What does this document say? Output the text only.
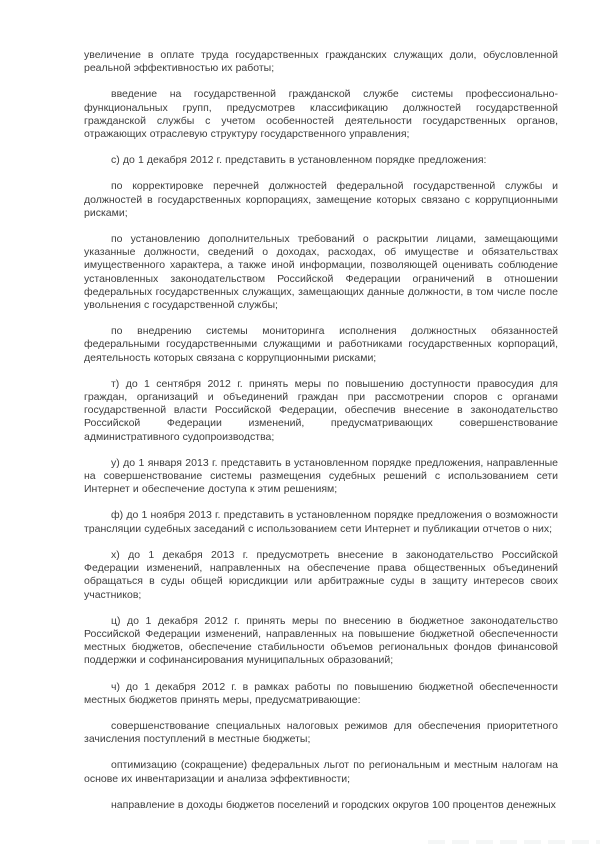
увеличение в оплате труда государственных гражданских служащих доли, обусловленной реальной эффективностью их работы;

введение на государственной гражданской службе системы профессионально-функциональных групп, предусмотрев классификацию должностей государственной гражданской службы с учетом особенностей деятельности государственных органов, отражающих отраслевую структуру государственного управления;

с) до 1 декабря 2012 г. представить в установленном порядке предложения:

по корректировке перечней должностей федеральной государственной службы и должностей в государственных корпорациях, замещение которых связано с коррупционными рисками;

по установлению дополнительных требований о раскрытии лицами, замещающими указанные должности, сведений о доходах, расходах, об имуществе и обязательствах имущественного характера, а также иной информации, позволяющей оценивать соблюдение установленных законодательством Российской Федерации ограничений в отношении федеральных государственных служащих, замещающих данные должности, в том числе после увольнения с государственной службы;

по внедрению системы мониторинга исполнения должностных обязанностей федеральными государственными служащими и работниками государственных корпораций, деятельность которых связана с коррупционными рисками;

т) до 1 сентября 2012 г. принять меры по повышению доступности правосудия для граждан, организаций и объединений граждан при рассмотрении споров с органами государственной власти Российской Федерации, обеспечив внесение в законодательство Российской Федерации изменений, предусматривающих совершенствование административного судопроизводства;

у) до 1 января 2013 г. представить в установленном порядке предложения, направленные на совершенствование системы размещения судебных решений с использованием сети Интернет и обеспечение доступа к этим решениям;

ф) до 1 ноября 2013 г. представить в установленном порядке предложения о возможности трансляции судебных заседаний с использованием сети Интернет и публикации отчетов о них;

х) до 1 декабря 2013 г. предусмотреть внесение в законодательство Российской Федерации изменений, направленных на обеспечение права общественных объединений обращаться в суды общей юрисдикции или арбитражные суды в защиту интересов своих участников;

ц) до 1 декабря 2012 г. принять меры по внесению в бюджетное законодательство Российской Федерации изменений, направленных на повышение бюджетной обеспеченности местных бюджетов, обеспечение стабильности объемов региональных фондов финансовой поддержки и софинансирования муниципальных образований;

ч) до 1 декабря 2012 г. в рамках работы по повышению бюджетной обеспеченности местных бюджетов принять меры, предусматривающие:

совершенствование специальных налоговых режимов для обеспечения приоритетного зачисления поступлений в местные бюджеты;

оптимизацию (сокращение) федеральных льгот по региональным и местным налогам на основе их инвентаризации и анализа эффективности;

направление в доходы бюджетов поселений и городских округов 100 процентов денежных
